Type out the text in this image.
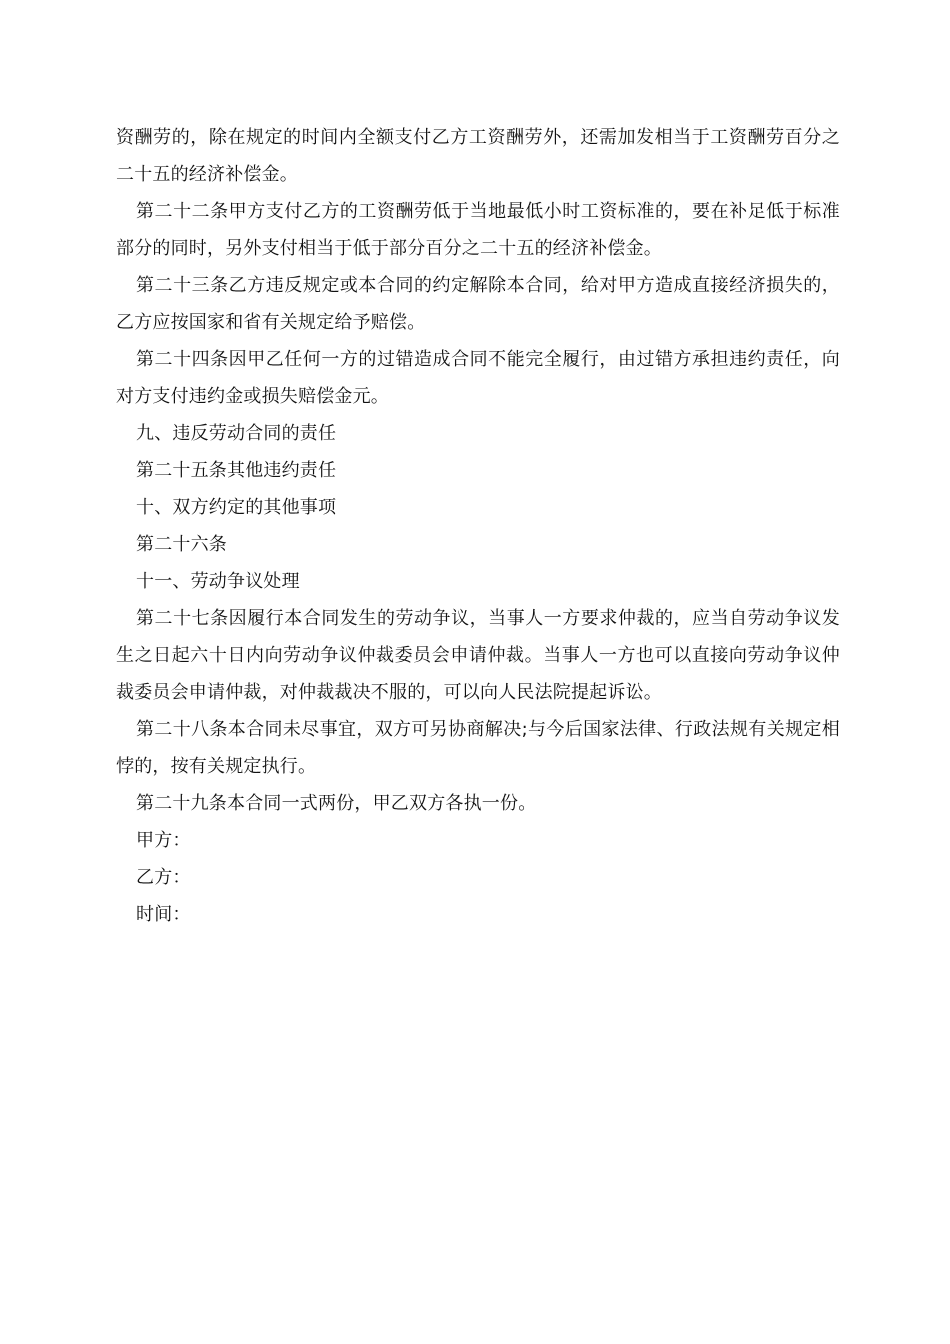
资酬劳的，除在规定的时间内全额支付乙方工资酬劳外，还需加发相当于工资酬劳百分之二十五的经济补偿金。

第二十二条甲方支付乙方的工资酬劳低于当地最低小时工资标准的，要在补足低于标准部分的同时，另外支付相当于低于部分百分之二十五的经济补偿金。

第二十三条乙方违反规定或本合同的约定解除本合同，给对甲方造成直接经济损失的，乙方应按国家和省有关规定给予赔偿。

第二十四条因甲乙任何一方的过错造成合同不能完全履行，由过错方承担违约责任，向对方支付违约金或损失赔偿金元。

九、违反劳动合同的责任

第二十五条其他违约责任

十、双方约定的其他事项

第二十六条

十一、劳动争议处理

第二十七条因履行本合同发生的劳动争议，当事人一方要求仲裁的，应当自劳动争议发生之日起六十日内向劳动争议仲裁委员会申请仲裁。当事人一方也可以直接向劳动争议仲裁委员会申请仲裁，对仲裁裁决不服的，可以向人民法院提起诉讼。

第二十八条本合同未尽事宜，双方可另协商解决;与今后国家法律、行政法规有关规定相悖的，按有关规定执行。

第二十九条本合同一式两份，甲乙双方各执一份。

甲方：

乙方：

时间：
